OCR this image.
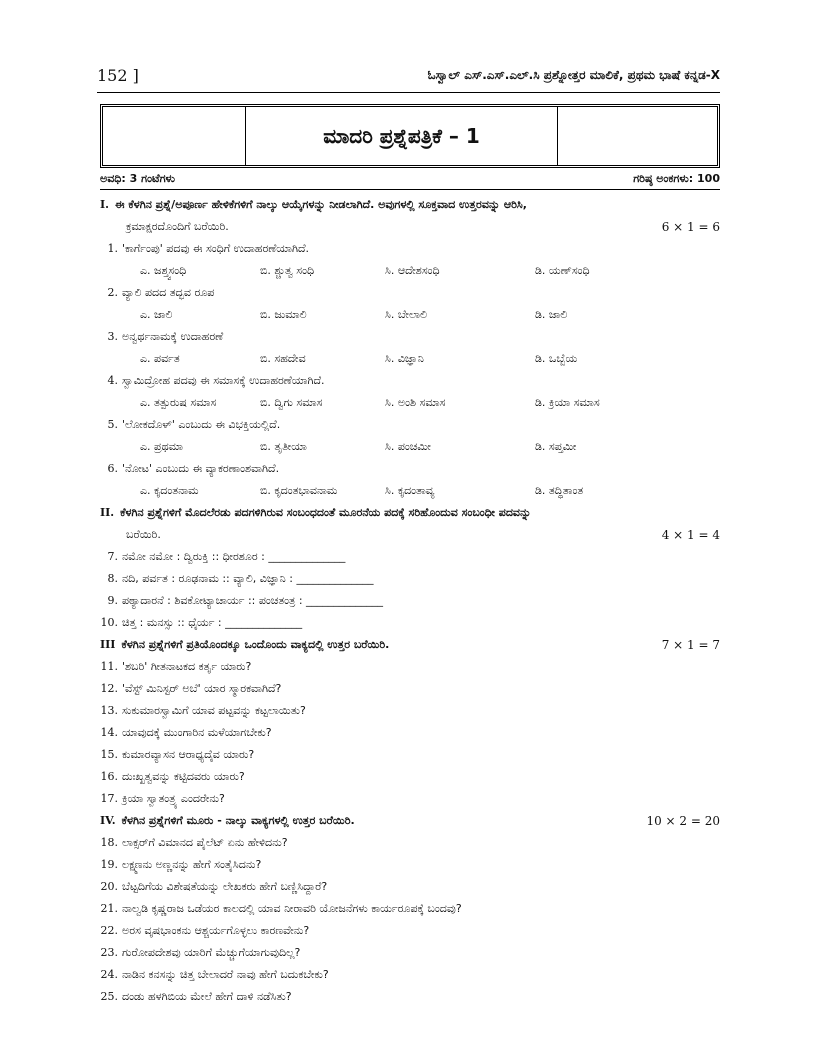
152 ]	ಓಸ್ವಾಲ್ ಎಸ್.ಎಸ್.ಎಲ್.ಸಿ ಪ್ರಶ್ನೋತ್ತರ ಮಾಲಿಕೆ, ಪ್ರಥಮ ಭಾಷೆ ಕನ್ನಡ-X
ಮಾದರಿ ಪ್ರಶ್ನೆಪತ್ರಿಕೆ – 1
ಅವಧಿ: 3 ಗಂಟೆಗಳು	ಗರಿಷ್ಠ ಅಂಕಗಳು: 100
I. ಈ ಕೆಳಗಿನ ಪ್ರಶ್ನೆ/ಅಪೂರ್ಣ ಹೇಳಿಕೆಗಳಿಗೆ ನಾಲ್ಕು ಆಯ್ಕೆಗಳನ್ನು ನೀಡಲಾಗಿದೆ. ಅವುಗಳಲ್ಲಿ ಸೂಕ್ತವಾದ ಉತ್ತರವನ್ನು ಆರಿಸಿ,
ಕ್ರಮಾಕ್ಷರದೊಂದಿಗೆ ಬರೆಯಿರಿ.	6 × 1 = 6
1. 'ಕಾರ್ಗೆಂಪು' ಪದವು ಈ ಸಂಧಿಗೆ ಉದಾಹರಣೆಯಾಗಿದೆ.
ಎ. ಜಶ್ತ್ವಸಂಧಿ	ಬಿ. ಶ್ಚುತ್ವ ಸಂಧಿ	ಸಿ. ಆದೇಶಸಂಧಿ	ಡಿ. ಯಣ್‌ಸಂಧಿ
2. ವ್ಯಾಲಿ ಪದದ ತದ್ಭವ ರೂಪ
ಎ. ಜಾಲಿ	ಬಿ. ಜುಮಾಲಿ	ಸಿ. ಬೇಲಾಲಿ	ಡಿ. ಜಾಲಿ
3. ಅನ್ವರ್ಥನಾಮಕ್ಕೆ ಉದಾಹರಣೆ
ಎ. ಪರ್ವತ	ಬಿ. ಸಹದೇವ	ಸಿ. ವಿಜ್ಞಾನಿ	ಡಿ. ಒಬ್ಬೆಯ
4. ಸ್ವಾಮಿದ್ರೋಹ ಪದವು ಈ ಸಮಾಸಕ್ಕೆ ಉದಾಹರಣೆಯಾಗಿದೆ.
ಎ. ತತ್ಪುರುಷ ಸಮಾಸ	ಬಿ. ದ್ವಿಗು ಸಮಾಸ	ಸಿ. ಅಂಶಿ ಸಮಾಸ	ಡಿ. ಕ್ರಿಯಾ ಸಮಾಸ
5. 'ಲೋಕದೊಳ್' ಎಂಬುದು ಈ ವಿಭಕ್ತಿಯಲ್ಲಿದೆ.
ಎ. ಪ್ರಥಮಾ	ಬಿ. ತೃತೀಯಾ	ಸಿ. ಪಂಚಮೀ	ಡಿ. ಸಪ್ತಮೀ
6. 'ನೋಟ' ಎಂಬುದು ಈ ವ್ಯಾಕರಣಾಂಶವಾಗಿದೆ.
ಎ. ಕೃದಂತನಾಮ	ಬಿ. ಕೃದಂತಭಾವನಾಮ	ಸಿ. ಕೃದಂತಾವ್ಯ	ಡಿ. ತದ್ಧಿತಾಂತ
II. ಕೆಳಗಿನ ಪ್ರಶ್ನೆಗಳಿಗೆ ಮೊದಲೆರಡು ಪದಗಳಿಗಿರುವ ಸಂಬಂಧದಂತೆ ಮೂರನೆಯ ಪದಕ್ಕೆ ಸರಿಹೊಂದುವ ಸಂಬಂಧೀ ಪದವನ್ನು
ಬರೆಯಿರಿ.	4 × 1 = 4
7. ನಮೋ ನಮೋ : ದ್ವಿರುಕ್ತಿ :: ಧೀರಶೂರ : ______________
8. ನದಿ, ಪರ್ವತ : ರೂಢನಾಮ :: ವ್ಯಾಲಿ, ವಿಜ್ಞಾನಿ : ______________
9. ಪಠ್ಯಾದಾರನೆ : ಶಿವಕೋಟ್ಯಾಚಾರ್ಯ :: ಪಂಚತಂತ್ರ : ______________
10. ಚಿತ್ತ : ಮನಸ್ಸು :: ಧೈರ್ಯ : ______________
III ಕೆಳಗಿನ ಪ್ರಶ್ನೆಗಳಿಗೆ ಪ್ರತಿಯೊಂದಕ್ಕೂ ಒಂದೊಂದು ವಾಕ್ಯದಲ್ಲಿ ಉತ್ತರ ಬರೆಯಿರಿ.	7 × 1 = 7
11. 'ಶಬರಿ' ಗೀತನಾಟಕದ ಕರ್ತೃ ಯಾರು?
12. 'ವೆಸ್ಟ್ ಮಿನಿಸ್ಟರ್ ಅಬೆ' ಯಾರ ಸ್ಮಾರಕವಾಗಿದೆ?
13. ಸುಕುಮಾರಸ್ವಾಮಿಗೆ ಯಾವ ಪಟ್ಟವನ್ನು ಕಟ್ಟಲಾಯಿತು?
14. ಯಾವುದಕ್ಕೆ ಮುಂಗಾರಿನ ಮಳೆಯಾಗಬೇಕು?
15. ಕುಮಾರವ್ಯಾಸನ ಆರಾಧ್ಯದೈವ ಯಾರು?
16. ದುಃಖ್ಖತ್ವವನ್ನು ಕಟ್ಟಿದವರು ಯಾರು?
17. ಕ್ರಿಯಾ ಸ್ವಾತಂತ್ರ್ಯ ಎಂದರೇನು?
IV. ಕೆಳಗಿನ ಪ್ರಶ್ನೆಗಳಿಗೆ ಮೂರು - ನಾಲ್ಕು ವಾಕ್ಯಗಳಲ್ಲಿ ಉತ್ತರ ಬರೆಯಿರಿ.	10 × 2 = 20
18. ಲಾಕ್ಸರ್‌ಗೆ ವಿಮಾನದ ಪೈಲೆಟ್ ಏನು ಹೇಳಿದನು?
19. ಲಕ್ಷ್ಮಣನು ಅಣ್ಣನನ್ನು ಹೇಗೆ ಸಂತೈಸಿದನು?
20. ಬೆಟ್ಟದಿಗೆಯ ವಿಶೇಷತೆಯನ್ನು ಲೇಖಕರು ಹೇಗೆ ಬಣ್ಣಿಸಿದ್ದಾರೆ?
21. ನಾಲ್ವಡಿ ಕೃಷ್ಣರಾಜ ಒಡೆಯರ ಕಾಲದಲ್ಲಿ ಯಾವ ನೀರಾವರಿ ಯೋಜನೆಗಳು ಕಾರ್ಯರೂಪಕ್ಕೆ ಬಂದವು?
22. ಅರಸ ವೃಷಭಾಂಕನು ಆಶ್ಚರ್ಯಗೊಳ್ಳಲು ಕಾರಣವೇನು?
23. ಗುರೋಪದೇಶವು ಯಾರಿಗೆ ಮೆಚ್ಚುಗೆಯಾಗುವುದಿಲ್ಲ?
24. ನಾಡಿನ ಕನಸನ್ನು ಚಿತ್ತ ಬೇಲಾದರೆ ನಾವು ಹೇಗೆ ಬದುಕಬೇಕು?
25. ದಂಡು ಹಳಗಿಬಿಯ ಮೇಲೆ ಹೇಗೆ ದಾಳಿ ನಡೆಸಿತು?
